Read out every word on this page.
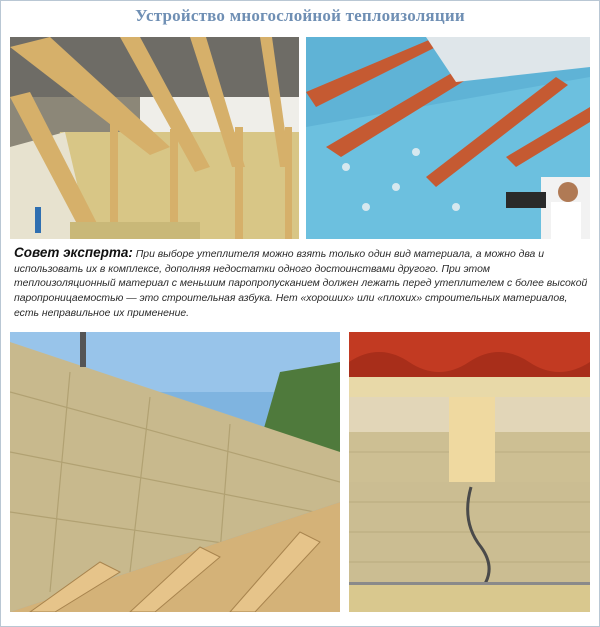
Устройство многослойной теплоизоляции
Совет эксперта: При выборе утеплителя можно взять только один вид материала, а можно два и использовать их в комплексе, дополняя недостатки одного достоинствами другого. При этом теплоизоляционный материал с меньшим паропропусканием должен лежать перед утеплителем с более высокой паропроницаемостью — это строительная азбука. Нет «хороших» или «плохих» строительных материалов, есть неправильное их применение.
